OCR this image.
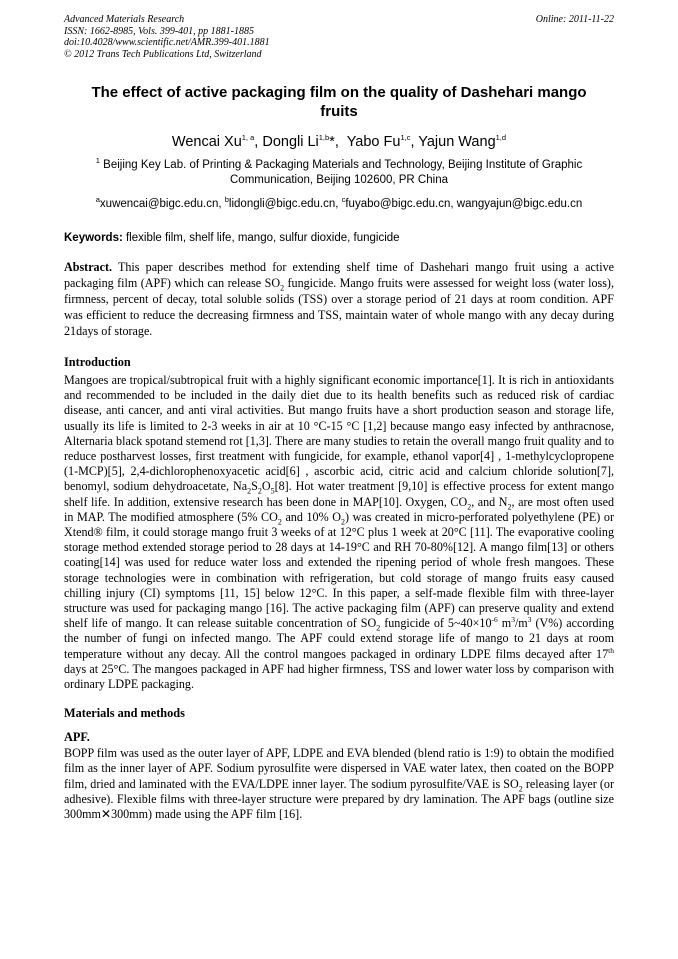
Advanced Materials Research
ISSN: 1662-8985, Vols. 399-401, pp 1881-1885
doi:10.4028/www.scientific.net/AMR.399-401.1881
© 2012 Trans Tech Publications Ltd, Switzerland
Online: 2011-11-22
The effect of active packaging film on the quality of Dashehari mango fruits
Wencai Xu$^{1, a}$, Dongli Li$^{1,b}$*,  Yabo Fu$^{1,c}$, Yajun Wang$^{1,d}$
$^1$ Beijing Key Lab. of Printing & Packaging Materials and Technology, Beijing Institute of Graphic Communication, Beijing 102600, PR China
$^a$xuwencai@bigc.edu.cn, $^b$lidongli@bigc.edu.cn, $^c$fuyabo@bigc.edu.cn, wangyajun@bigc.edu.cn
Keywords: flexible film, shelf life, mango, sulfur dioxide, fungicide
Abstract. This paper describes method for extending shelf time of Dashehari mango fruit using a active packaging film (APF) which can release $SO_2$ fungicide. Mango fruits were assessed for weight loss (water loss), firmness, percent of decay, total soluble solids (TSS) over a storage period of 21 days at room condition. APF was efficient to reduce the decreasing firmness and TSS, maintain water of whole mango with any decay during 21days of storage.
Introduction
Mangoes are tropical/subtropical fruit with a highly significant economic importance[1]. It is rich in antioxidants and recommended to be included in the daily diet due to its health benefits such as reduced risk of cardiac disease, anti cancer, and anti viral activities. But mango fruits have a short production season and storage life, usually its life is limited to 2-3 weeks in air at 10 °C-15 °C [1,2] because mango easy infected by anthracnose, Alternaria black spotand stemend rot [1,3]. There are many studies to retain the overall mango fruit quality and to reduce postharvest losses, first treatment with fungicide, for example, ethanol vapor[4] , 1-methylcyclopropene (1-MCP)[5], 2,4-dichlorophenoxyacetic acid[6] , ascorbic acid, citric acid and calcium chloride solution[7], benomyl, sodium dehydroacetate, $Na_2S_2O_5[8]$. Hot water treatment [9,10] is effective process for extent mango shelf life. In addition, extensive research has been done in MAP[10]. Oxygen, $CO_2$, and $N_2$, are most often used in MAP. The modified atmosphere (5% $CO_2$ and 10% $O_2$) was created in micro-perforated polyethylene (PE) or Xtend® film, it could storage mango fruit 3 weeks of at 12°C plus 1 week at 20°C [11]. The evaporative cooling storage method extended storage period to 28 days at 14-19°C and RH 70-80%[12]. A mango film[13] or others coating[14] was used for reduce water loss and extended the ripening period of whole fresh mangoes. These storage technologies were in combination with refrigeration, but cold storage of mango fruits easy caused chilling injury (CI) symptoms [11, 15] below 12°C. In this paper, a self-made flexible film with three-layer structure was used for packaging mango [16]. The active packaging film (APF) can preserve quality and extend shelf life of mango. It can release suitable concentration of $SO_2$ fungicide of $5\sim 40\times 10^{-6}$ $m^3/m^3$ (V%) according the number of fungi on infected mango. The APF could extend storage life of mango to 21 days at room temperature without any decay. All the control mangoes packaged in ordinary LDPE films decayed after 17th days at 25°C. The mangoes packaged in APF had higher firmness, TSS and lower water loss by comparison with ordinary LDPE packaging.
Materials and methods
APF.
BOPP film was used as the outer layer of APF, LDPE and EVA blended (blend ratio is 1:9) to obtain the modified film as the inner layer of APF. Sodium pyrosulfite were dispersed in VAE water latex, then coated on the BOPP film, dried and laminated with the EVA/LDPE inner layer. The sodium pyrosulfite/VAE is $SO_2$ releasing layer (or adhesive). Flexible films with three-layer structure were prepared by dry lamination. The APF bags (outline size 300mm✕300mm) made using the APF film [16].
